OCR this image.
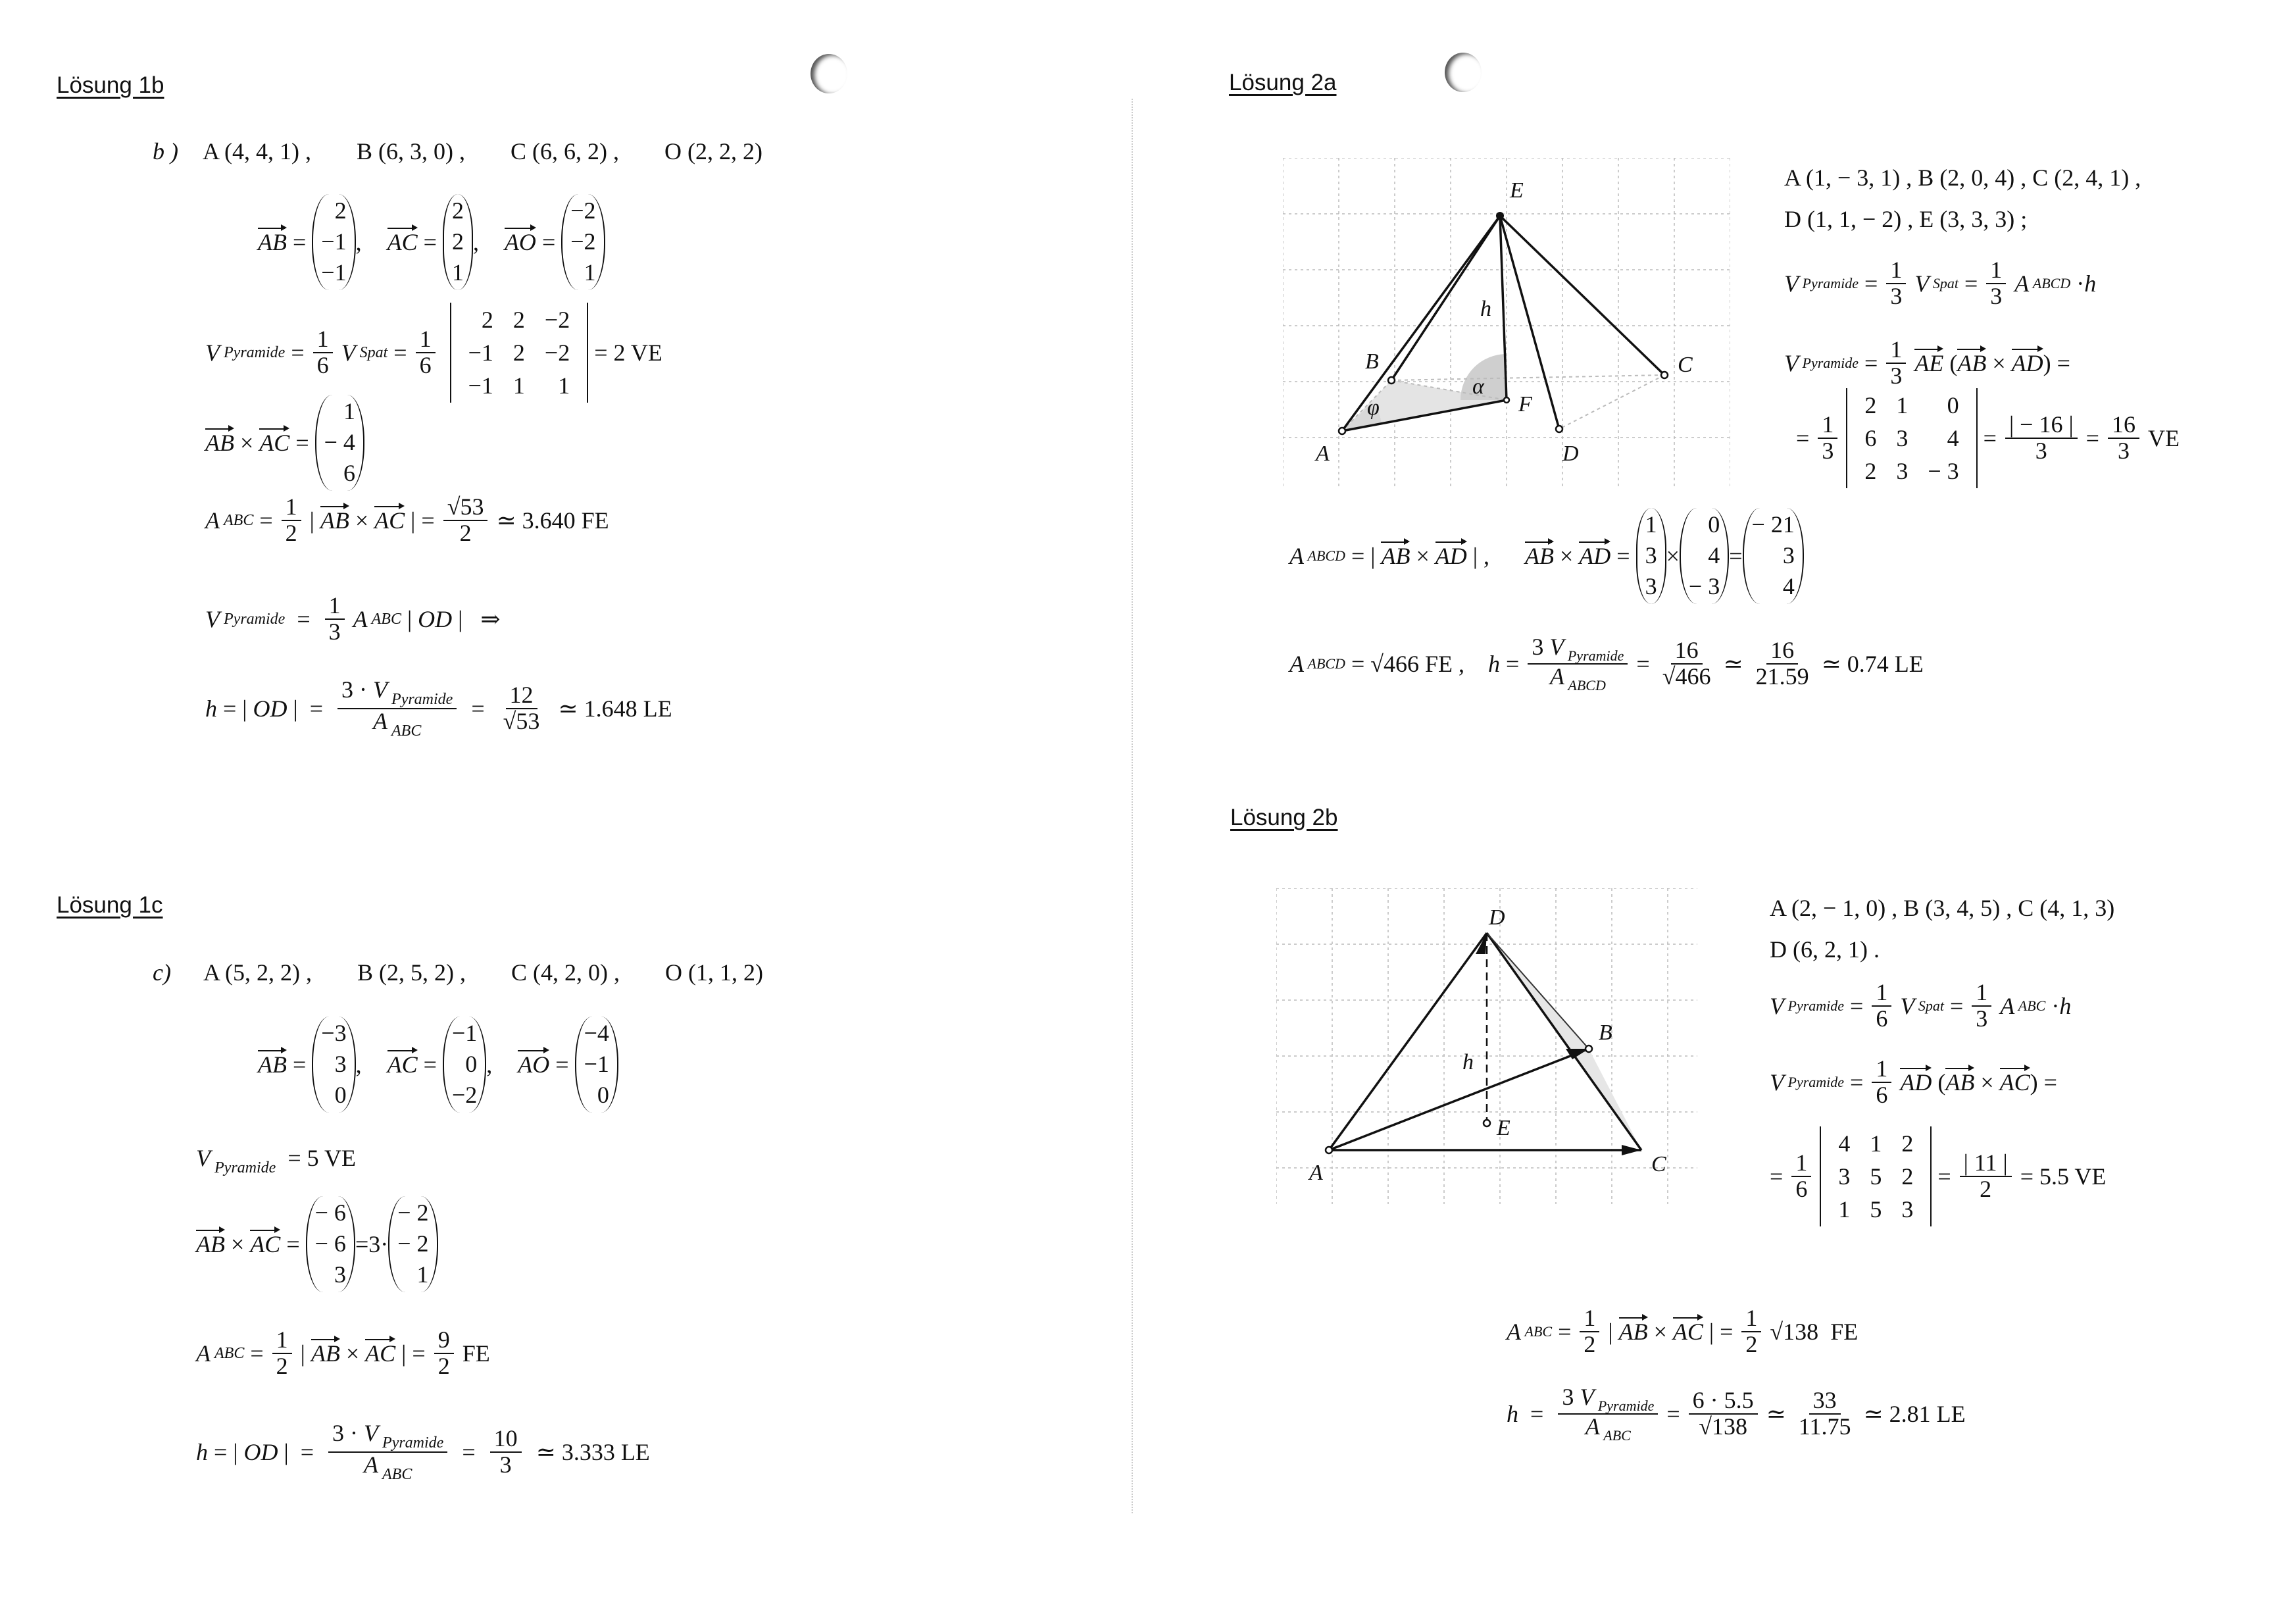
Lösung 1b
b ) A (4, 4, 1) , B (6, 3, 0) , C (6, 6, 2) , O (2, 2, 2)
AB =
2
−1
−1
, AC =
2
2
1
, AO =
−2
−2
1
V Pyramide = $\frac{1}{6}$
V Spat = $\frac{1}{6}$

2 2 −2
−1 2 −2
−1 1	1

= 2 VE
AB × AC =
1
− 4
6
A ABC = $\frac{1}{2}$ | AB × AC | = $\frac{√53}{2}$
≃ 3.640 FE
V Pyramide = $\frac{1}{3}$
A ABC | OD |   ⇒
h = | OD |  = $\frac{3 \cdot V _{Pyramide}}{A _{ABC}} = \frac{12}{√53}$
≃ 1.648 LE
Lösung 1c
c) A (5, 2, 2) , B (2, 5, 2) , C (4, 2, 0) , O (1, 1, 2)
AB =
−3
3
0
, AC =
−1
0
−2
, AO =
−4
−1
0
V $_{Pyramide}$ = 5 VE
AB × AC =
− 6
− 6
3
=3·
− 2
− 2
1
A ABC = $\frac{1}{2}$ | AB × AC | = $\frac{9}{2}$
FE
h = | OD |  = $\frac{3 \cdot V _{Pyramide}}{A _{ABC}} = \frac{10}{3}$
≃ 3.333 LE
Lösung 2a
E
h
B	C
α
φ	F
A	D
A (1, − 3, 1) , B (2, 0, 4) , C (2, 4, 1) ,
D (1, 1, − 2) , E (3, 3, 3) ;
V Pyramide = $\frac{1}{3}$
V Spat = $\frac{1}{3}$
A ABCD · h
V Pyramide = $\frac{1}{3}$
AE ( AB × AD ) =
= $\frac{1}{3}$

2 1	0
6 3	4
2 3 − 3
= $\frac{| - 16 |}{3} = \frac{16}{3}$
VE
A ABCD = | AB × AD | , AB × AD =
1
3
3
×
0
4
− 3
=
− 21
3
4
A ABCD = √466
FE ,
$h = \frac{3 V _{Pyramide}}{A _{ABCD}} = \frac{16}{√466}$ ≃ $\frac{16}{21.59}$
≃ 0.74 LE
Lösung 2b
D
B
h
E
A	C
A (2, − 1, 0) , B (3, 4, 5) , C (4, 1, 3)
D (6, 2, 1) .
V Pyramide = $\frac{1}{6}$
V Spat = $\frac{1}{3}$
A ABC · h
V Pyramide = $\frac{1}{6}$
AD ( AB × AC ) =
= $\frac{1}{6}$

4 1 2
3 5 2
1 5 3
= $\frac{| 11 |}{2}$
= 5.5 VE
A ABC = $\frac{1}{2}$ | AB × AC | = $\frac{1}{2}$
√138
FE
$h = \frac{3 V _{Pyramide}}{A _{ABC}} = \frac{6 \cdot 5.5}{√138}$ ≃ $\frac{33}{11.75}$
≃ 2.81 LE
